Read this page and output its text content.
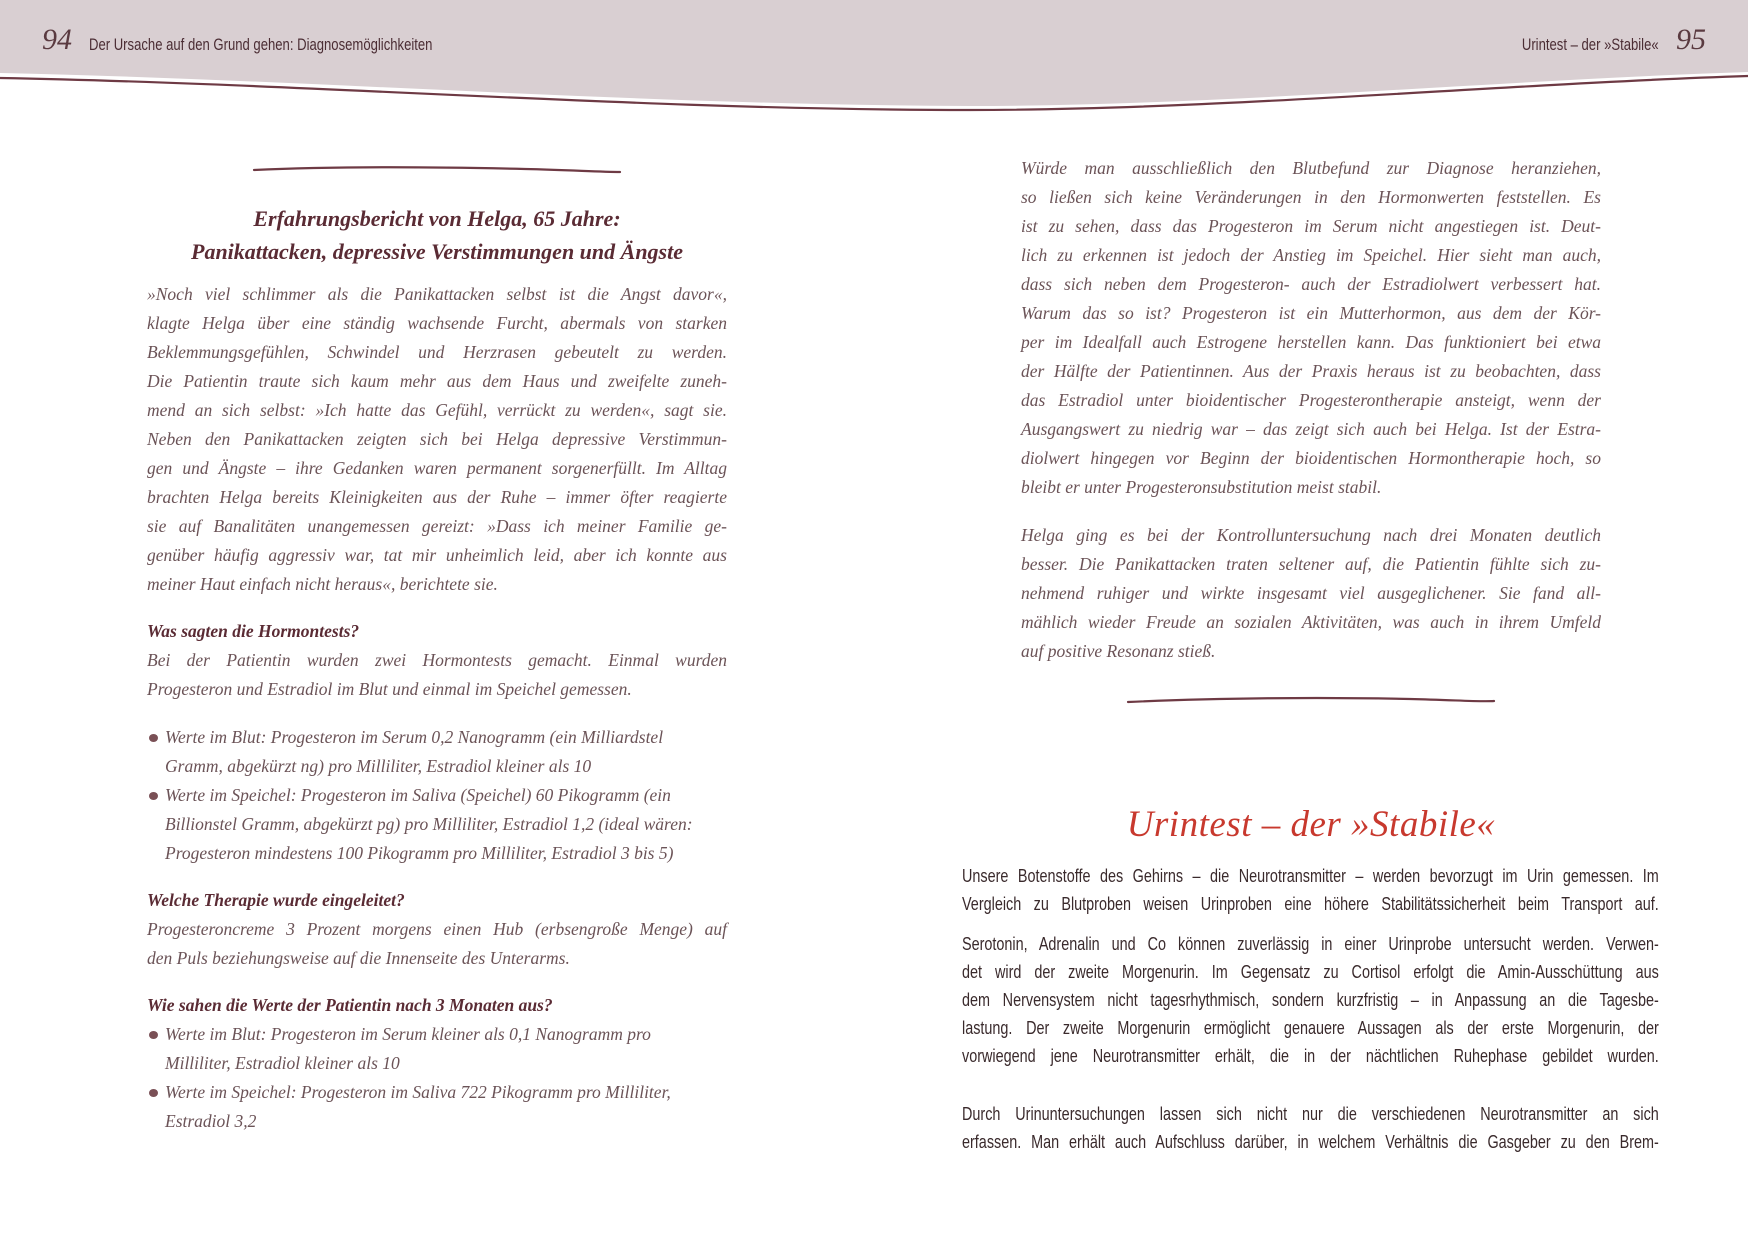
94 Der Ursache auf den Grund gehen: Diagnosemöglichkeiten	Urintest – der »Stabile« 95
Erfahrungsbericht von Helga, 65 Jahre:
Panikattacken, depressive Verstimmungen und Ängste
»Noch viel schlimmer als die Panikattacken selbst ist die Angst davor«,
klagte Helga über eine ständig wachsende Furcht, abermals von starken
Beklemmungsgefühlen, Schwindel und Herzrasen gebeutelt zu werden.
Die Patientin traute sich kaum mehr aus dem Haus und zweifelte zuneh-
mend an sich selbst: »Ich hatte das Gefühl, verrückt zu werden«, sagt sie.
Neben den Panikattacken zeigten sich bei Helga depressive Verstimmun-
gen und Ängste – ihre Gedanken waren permanent sorgenerfüllt. Im Alltag
brachten Helga bereits Kleinigkeiten aus der Ruhe – immer öfter reagierte
sie auf Banalitäten unangemessen gereizt: »Dass ich meiner Familie ge-
genüber häufig aggressiv war, tat mir unheimlich leid, aber ich konnte aus
meiner Haut einfach nicht heraus«, berichtete sie.
Was sagten die Hormontests?
Bei der Patientin wurden zwei Hormontests gemacht. Einmal wurden
Progesteron und Estradiol im Blut und einmal im Speichel gemessen.
Werte im Blut: Progesteron im Serum 0,2 Nanogramm (ein Milliardstel
Gramm, abgekürzt ng) pro Milliliter, Estradiol kleiner als 10
Werte im Speichel: Progesteron im Saliva (Speichel) 60 Pikogramm (ein
Billionstel Gramm, abgekürzt pg) pro Milliliter, Estradiol 1,2 (ideal wären:
Progesteron mindestens 100 Pikogramm pro Milliliter, Estradiol 3 bis 5)
Welche Therapie wurde eingeleitet?
Progesteroncreme 3 Prozent morgens einen Hub (erbsengroße Menge) auf
den Puls beziehungsweise auf die Innenseite des Unterarms.
Wie sahen die Werte der Patientin nach 3 Monaten aus?
Werte im Blut: Progesteron im Serum kleiner als 0,1 Nanogramm pro
Milliliter, Estradiol kleiner als 10
Werte im Speichel: Progesteron im Saliva 722 Pikogramm pro Milliliter,
Estradiol 3,2
Würde man ausschließlich den Blutbefund zur Diagnose heranziehen,
so ließen sich keine Veränderungen in den Hormonwerten feststellen. Es
ist zu sehen, dass das Progesteron im Serum nicht angestiegen ist. Deut-
lich zu erkennen ist jedoch der Anstieg im Speichel. Hier sieht man auch,
dass sich neben dem Progesteron- auch der Estradiolwert verbessert hat.
Warum das so ist? Progesteron ist ein Mutterhormon, aus dem der Kör-
per im Idealfall auch Estrogene herstellen kann. Das funktioniert bei etwa
der Hälfte der Patientinnen. Aus der Praxis heraus ist zu beobachten, dass
das Estradiol unter bioidentischer Progesterontherapie ansteigt, wenn der
Ausgangswert zu niedrig war – das zeigt sich auch bei Helga. Ist der Estra-
diolwert hingegen vor Beginn der bioidentischen Hormontherapie hoch, so
bleibt er unter Progesteronsubstitution meist stabil.
Helga ging es bei der Kontrolluntersuchung nach drei Monaten deutlich
besser. Die Panikattacken traten seltener auf, die Patientin fühlte sich zu-
nehmend ruhiger und wirkte insgesamt viel ausgeglichener. Sie fand all-
mählich wieder Freude an sozialen Aktivitäten, was auch in ihrem Umfeld
auf positive Resonanz stieß.
Urintest – der »Stabile«
Unsere Botenstoffe des Gehirns – die Neurotransmitter – werden bevorzugt im Urin gemessen. Im
Vergleich zu Blutproben weisen Urinproben eine höhere Stabilitätssicherheit beim Transport auf.
Serotonin, Adrenalin und Co können zuverlässig in einer Urinprobe untersucht werden. Verwen-
det wird der zweite Morgenurin. Im Gegensatz zu Cortisol erfolgt die Amin-Ausschüttung aus
dem Nervensystem nicht tagesrhythmisch, sondern kurzfristig – in Anpassung an die Tagesbe-
lastung. Der zweite Morgenurin ermöglicht genauere Aussagen als der erste Morgenurin, der
vorwiegend jene Neurotransmitter erhält, die in der nächtlichen Ruhephase gebildet wurden.
Durch Urinuntersuchungen lassen sich nicht nur die verschiedenen Neurotransmitter an sich
erfassen. Man erhält auch Aufschluss darüber, in welchem Verhältnis die Gasgeber zu den Brem-
